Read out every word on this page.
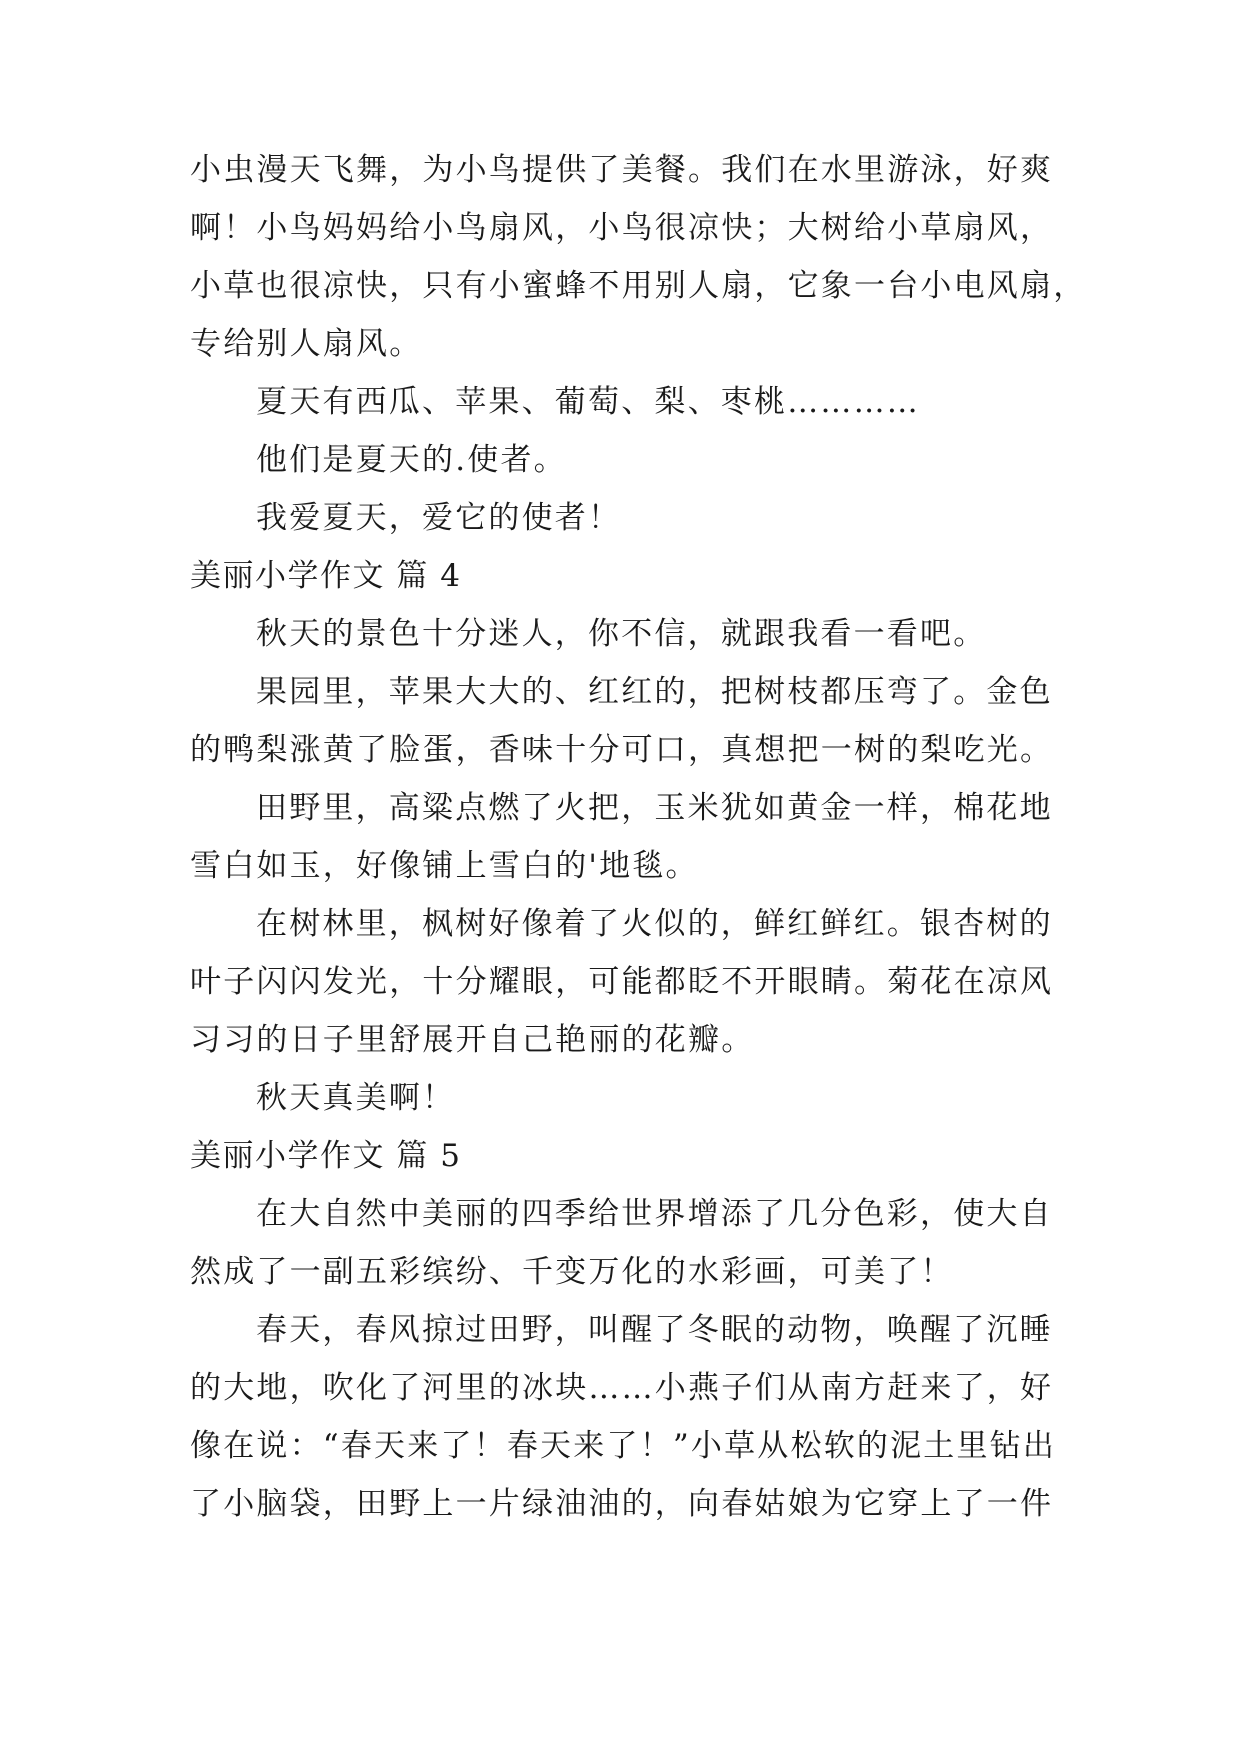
小虫漫天飞舞，为小鸟提供了美餐。我们在水里游泳，好爽
啊！小鸟妈妈给小鸟扇风，小鸟很凉快；大树给小草扇风，
小草也很凉快，只有小蜜蜂不用别人扇，它象一台小电风扇，
专给别人扇风。
夏天有西瓜、苹果、葡萄、梨、枣桃…………
他们是夏天的.使者。
我爱夏天，爱它的使者！
美丽小学作文 篇 4
秋天的景色十分迷人，你不信，就跟我看一看吧。
果园里，苹果大大的、红红的，把树枝都压弯了。金色
的鸭梨涨黄了脸蛋，香味十分可口，真想把一树的梨吃光。
田野里，高粱点燃了火把，玉米犹如黄金一样，棉花地
雪白如玉，好像铺上雪白的'地毯。
在树林里，枫树好像着了火似的，鲜红鲜红。银杏树的
叶子闪闪发光，十分耀眼，可能都眨不开眼睛。菊花在凉风
习习的日子里舒展开自己艳丽的花瓣。
秋天真美啊！
美丽小学作文 篇 5
在大自然中美丽的四季给世界增添了几分色彩，使大自
然成了一副五彩缤纷、千变万化的水彩画，可美了！
春天，春风掠过田野，叫醒了冬眠的动物，唤醒了沉睡
的大地，吹化了河里的冰块……小燕子们从南方赶来了，好
像在说：“春天来了！春天来了！”小草从松软的泥土里钻出
了小脑袋，田野上一片绿油油的，向春姑娘为它穿上了一件
